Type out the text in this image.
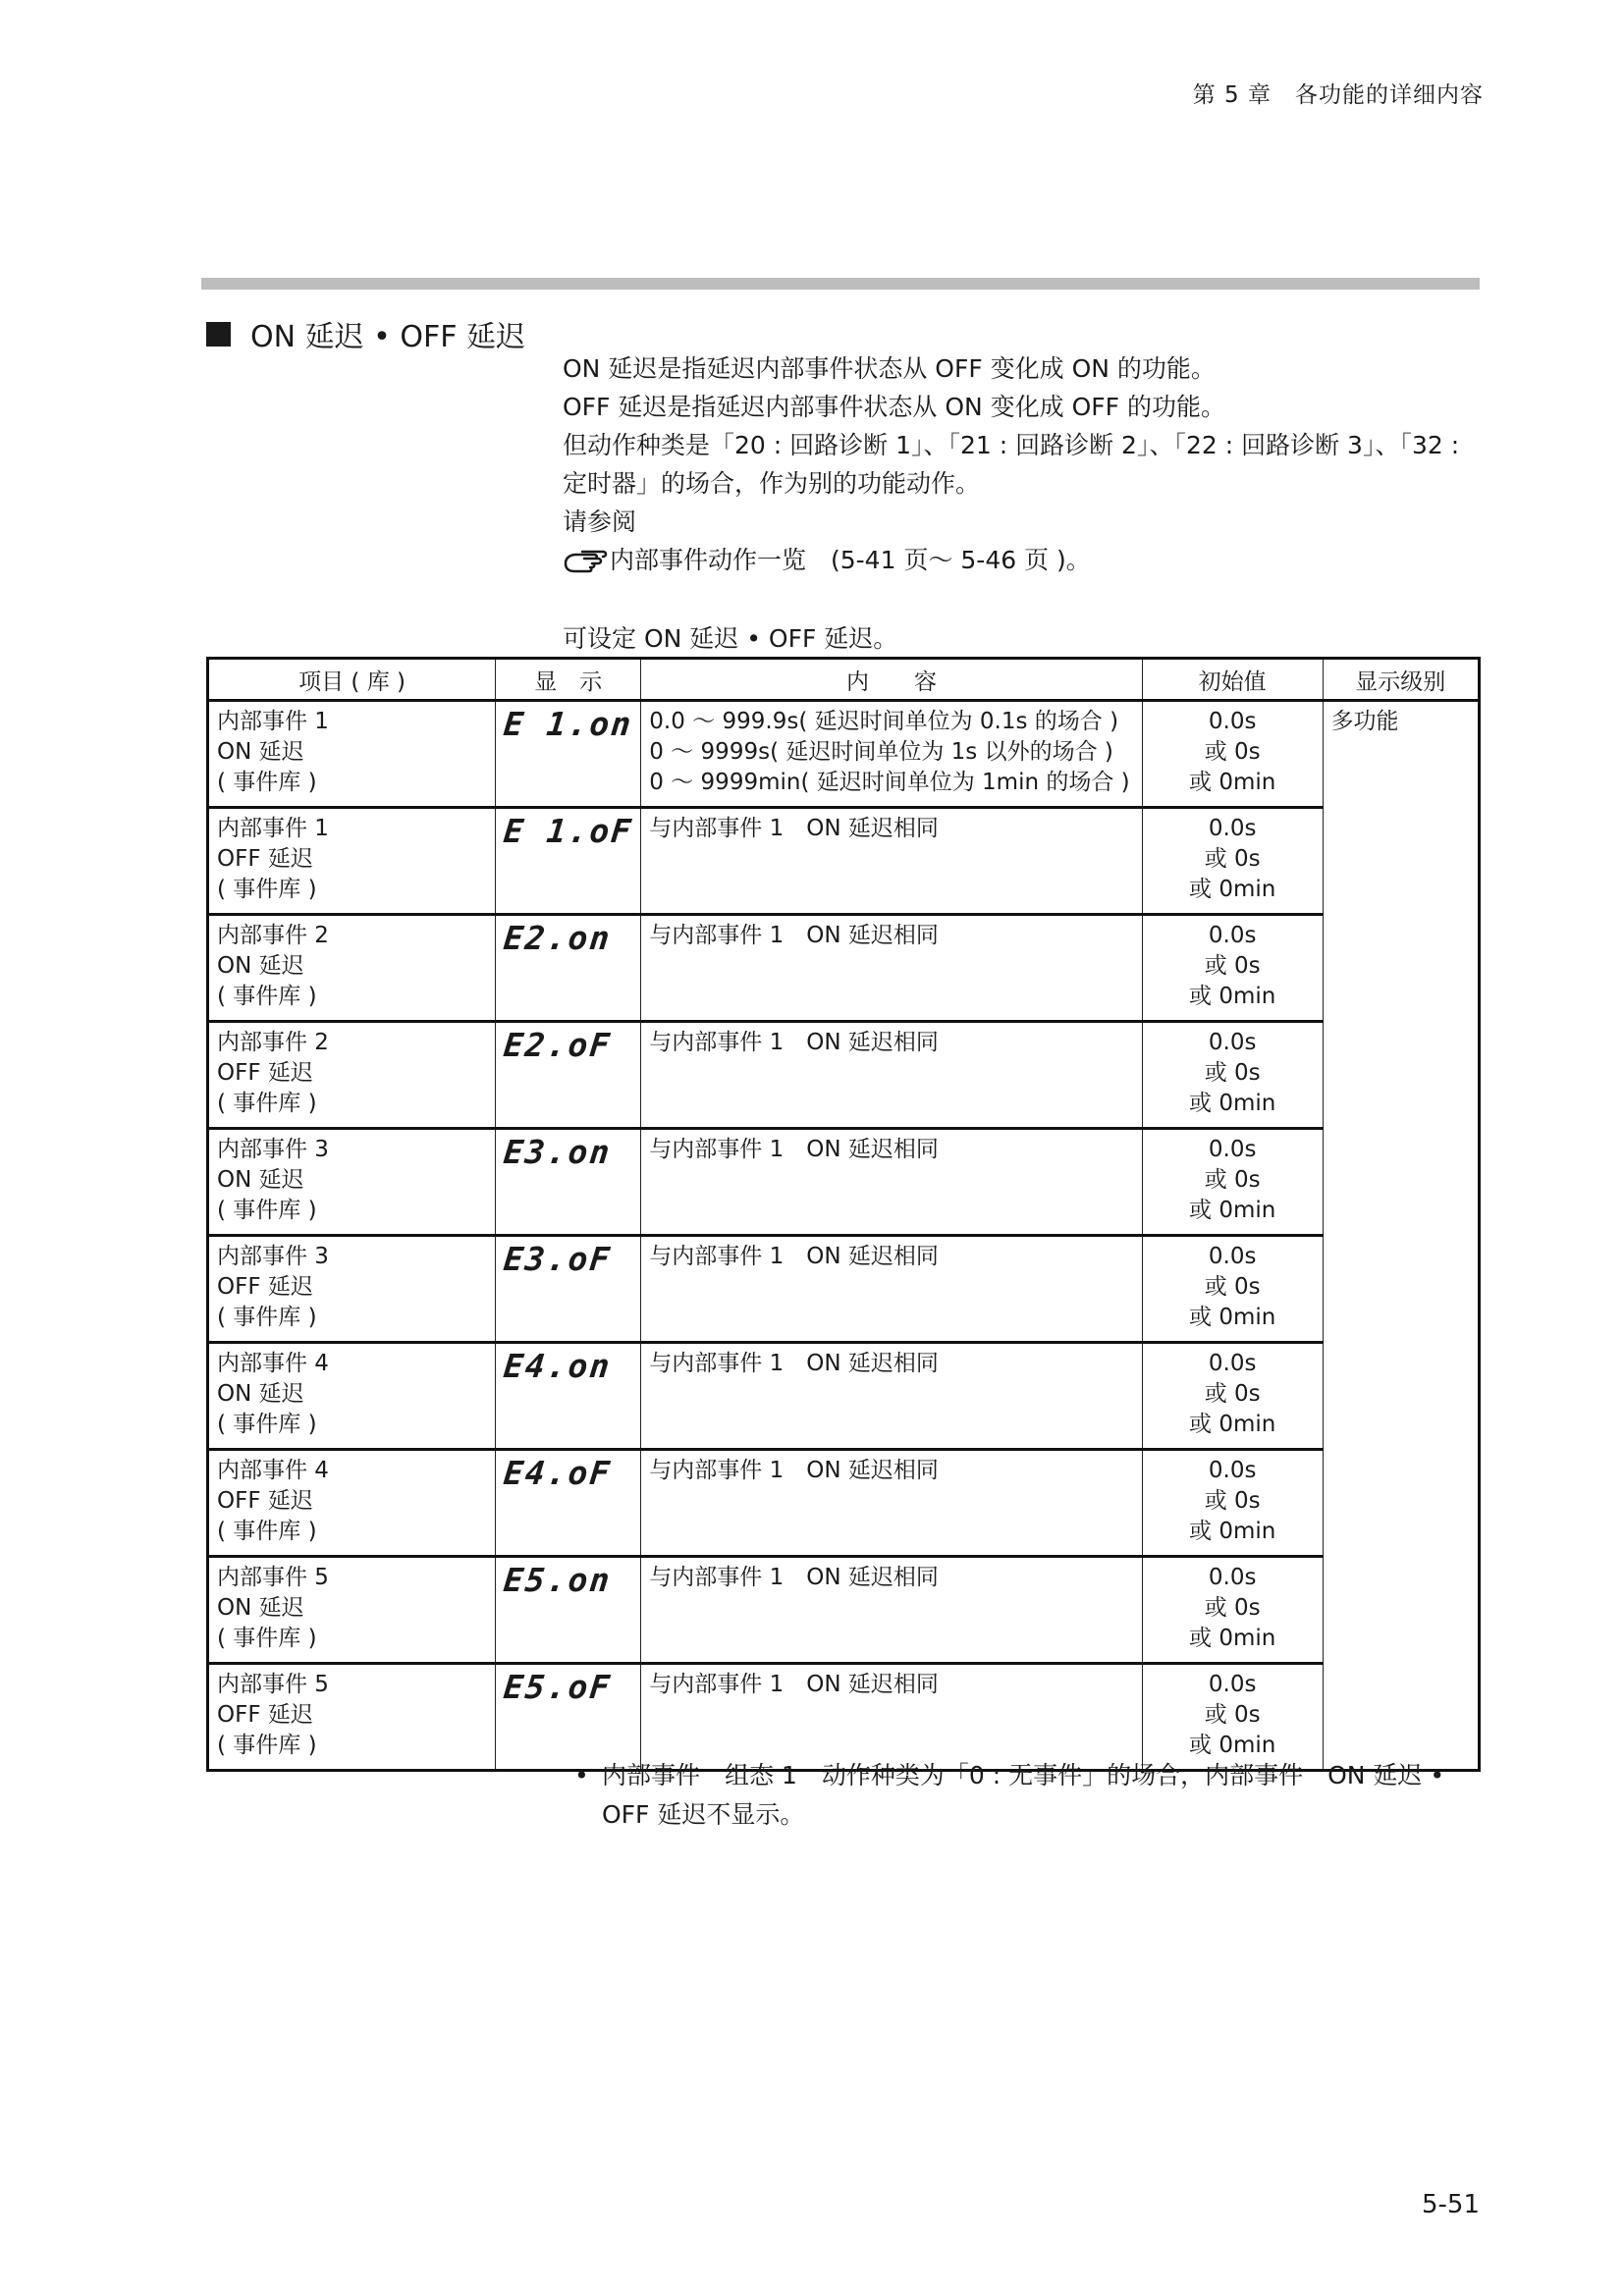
第 5 章　各功能的详细内容
ON 延迟 • OFF 延迟

ON 延迟是指延迟内部事件状态从 OFF 变化成 ON 的功能。

OFF 延迟是指延迟内部事件状态从 ON 变化成 OFF 的功能。

但动作种类是「20 : 回路诊断 1」、「21 : 回路诊断 2」、「22 : 回路诊断 3」、「32 : 定时器」的场合，作为别的功能动作。

请参阅

内部事件动作一览　(5-41 页～ 5-46 页 )。

可设定 ON 延迟 • OFF 延迟。
项目 ( 库 )	显　示	内　　容	初始值	显示级别

内部事件 1
ON 延迟
( 事件库 )	E 1.on	0.0 ～ 999.9s( 延迟时间单位为 0.1s 的场合 )
0 ～ 9999s( 延迟时间单位为 1s 以外的场合 )
0 ～ 9999min( 延迟时间单位为 1min 的场合 )	0.0s
或 0s
或 0min	多功能

内部事件 1
OFF 延迟
( 事件库 )	E 1.oF	与内部事件 1　ON 延迟相同	0.0s
或 0s
或 0min	

内部事件 2
ON 延迟
( 事件库 )	E2.on	与内部事件 1　ON 延迟相同	0.0s
或 0s
或 0min	

内部事件 2
OFF 延迟
( 事件库 )	E2.oF	与内部事件 1　ON 延迟相同	0.0s
或 0s
或 0min	

内部事件 3
ON 延迟
( 事件库 )	E3.on	与内部事件 1　ON 延迟相同	0.0s
或 0s
或 0min	

内部事件 3
OFF 延迟
( 事件库 )	E3.oF	与内部事件 1　ON 延迟相同	0.0s
或 0s
或 0min	

内部事件 4
ON 延迟
( 事件库 )	E4.on	与内部事件 1　ON 延迟相同	0.0s
或 0s
或 0min	

内部事件 4
OFF 延迟
( 事件库 )	E4.oF	与内部事件 1　ON 延迟相同	0.0s
或 0s
或 0min	

内部事件 5
ON 延迟
( 事件库 )	E5.on	与内部事件 1　ON 延迟相同	0.0s
或 0s
或 0min	

内部事件 5
OFF 延迟
( 事件库 )	E5.oF	与内部事件 1　ON 延迟相同	0.0s
或 0s
或 0min	
• 内部事件　组态 1　动作种类为「0 : 无事件」的场合，内部事件　ON 延迟 • OFF 延迟不显示。
5-51
